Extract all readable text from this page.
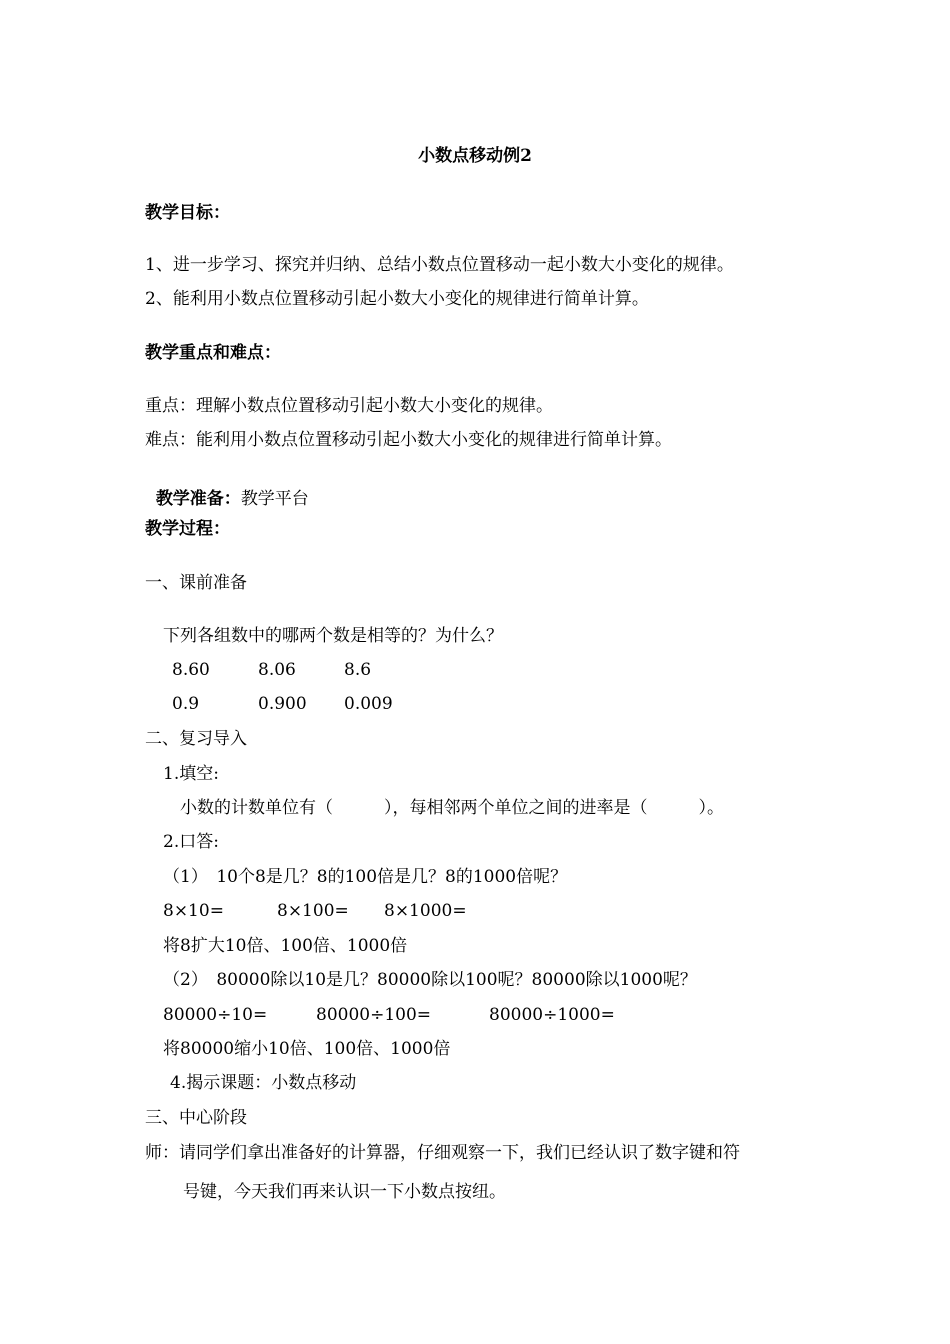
小数点移动例2
教学目标：
1、进一步学习、探究并归纳、总结小数点位置移动一起小数大小变化的规律。
2、能利用小数点位置移动引起小数大小变化的规律进行简单计算。
教学重点和难点：
重点：理解小数点位置移动引起小数大小变化的规律。
难点：能利用小数点位置移动引起小数大小变化的规律进行简单计算。

教学准备：教学平台

教学过程：
一、课前准备
下列各组数中的哪两个数是相等的？为什么？
8.60	8.06	8.6
0.9	0.900 0.009
二、复习导入
1.填空:
小数的计数单位有（　　　），每相邻两个单位之间的进率是（　　　）。
2.口答:
（1）　10个8是几？8的100倍是几？8的1000倍呢？
8×10=	8×100= 8×1000=
将8扩大10倍、100倍、1000倍
（2）　80000除以10是几？80000除以100呢？80000除以1000呢？
80000÷10=	80000÷100=	80000÷1000=
将80000缩小10倍、100倍、1000倍
4.揭示课题：小数点移动
三、中心阶段
师：请同学们拿出准备好的计算器，仔细观察一下，我们已经认识了数字键和符
号键，今天我们再来认识一下小数点按纽。
